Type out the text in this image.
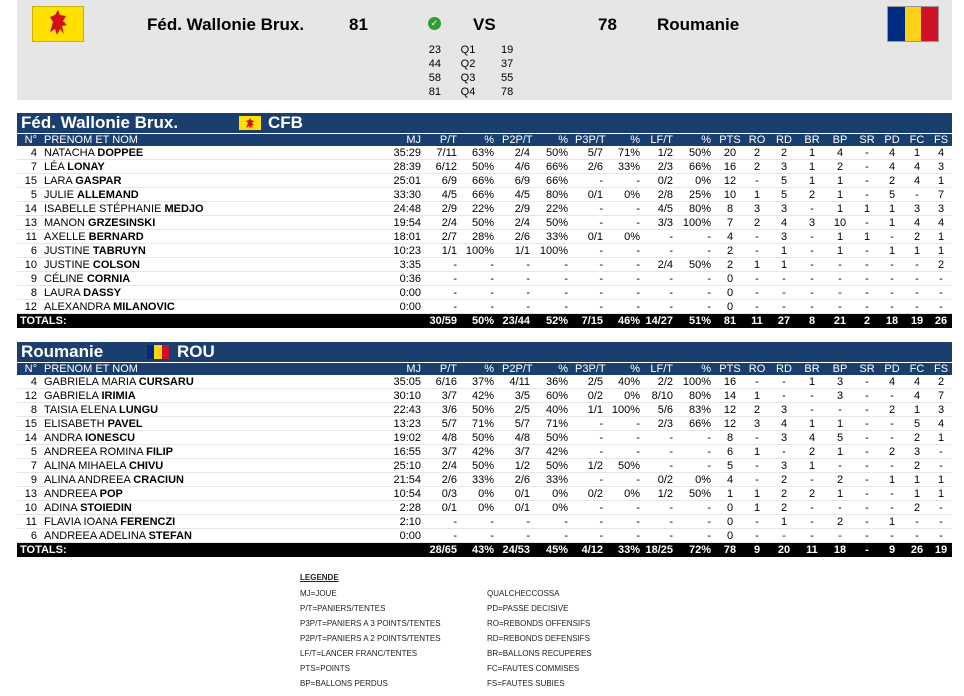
Féd. Wallonie Brux.	81	✓ VS	78 Roumanie
23	Q1	19
44	Q2	37
58	Q3	55
81	Q4	78
Féd. Wallonie Brux.	CFB
N° PRENOM ET NOM	MJ	P/T	% P2P/T	% P3P/T	% LF/T	% PTS RO RD	BR	BP	SR PD FC FS
4 NATACHA DOPPEE	35:29	7/11	63%	2/4	50%	5/7	71%	1/2	50%	20	2	2	1	4	-	4	1	4
7 LÉA LONAY	28:39	6/12	50%	4/6	66%	2/6	33%	2/3	66%	16	2	3	1	2	-	4	4	3
15 LARA GASPAR	25:01	6/9	66%	6/9	66%	-	-	0/2	0%	12	-	5	1	1	-	2	4	1
5 JULIE ALLEMAND	33:30	4/5	66%	4/5	80%	0/1	0%	2/8	25%	10	1	5	2	1	-	5	-	7
14 ISABELLE STÉPHANIE MEDJO	24:48	2/9	22%	2/9	22%	-	-	4/5	80%	8	3	3	-	1	1	1	3	3
13 MANON GRZESINSKI	19:54	2/4	50%	2/4	50%	-	-	3/3 100%	7	2	4	3	10	-	1	4	4
11 AXELLE BERNARD	18:01	2/7	28%	2/6	33%	0/1	0%	-	-	4	-	3	-	1	1	-	2	1
6 JUSTINE TABRUYN	10:23	1/1 100%	1/1 100%	-	-	-	-	2	-	1	-	1	-	1	1	1
10 JUSTINE COLSON	3:35	-	-	-	-	-	-	2/4	50%	2	1	1	-	-	-	-	-	2
9 CÉLINE CORNIA	0:36	-	-	-	-	-	-	-	-	0	-	-	-	-	-	-	-	-
8 LAURA DASSY	0:00	-	-	-	-	-	-	-	-	0	-	-	-	-	-	-	-	-
12 ALEXANDRA MILANOVIC	0:00	-	-	-	-	-	-	-	-	0	-	-	-	-	-	-	-	-
TOTALS:	30/59	50% 23/44	52%	7/15	46% 14/27	51%	81	11	27	8	21	2	18	19	26
Roumanie	ROU
N° PRENOM ET NOM	MJ	P/T	% P2P/T	% P3P/T	% LF/T	% PTS RO RD	BR	BP	SR PD FC FS
4 GABRIELA MARIA CURSARU	35:05	6/16	37%	4/11	36%	2/5	40%	2/2 100%	16	-	-	1	3	-	4	4	2
12 GABRIELA IRIMIA	30:10	3/7	42%	3/5	60%	0/2	0%	8/10	80%	14	1	-	-	3	-	-	4	7
8 TAISIA ELENA LUNGU	22:43	3/6	50%	2/5	40%	1/1 100%	5/6	83%	12	2	3	-	-	-	2	1	3
15 ELISABETH PAVEL	13:23	5/7	71%	5/7	71%	-	-	2/3	66%	12	3	4	1	1	-	-	5	4
14 ANDRA IONESCU	19:02	4/8	50%	4/8	50%	-	-	-	-	8	-	3	4	5	-	-	2	1
5 ANDREEA ROMINA FILIP	16:55	3/7	42%	3/7	42%	-	-	-	-	6	1	-	2	1	-	2	3	-
7 ALINA MIHAELA CHIVU	25:10	2/4	50%	1/2	50%	1/2	50%	-	-	5	-	3	1	-	-	-	2	-
9 ALINA ANDREEA CRACIUN	21:54	2/6	33%	2/6	33%	-	-	0/2	0%	4	-	2	-	2	-	1	1	1
13 ANDREEA POP	10:54	0/3	0%	0/1	0%	0/2	0%	1/2	50%	1	1	2	2	1	-	-	1	1
10 ADINA STOIEDIN	2:28	0/1	0%	0/1	0%	-	-	-	-	0	1	2	-	-	-	-	2	-
11 FLAVIA IOANA FERENCZI	2:10	-	-	-	-	-	-	-	-	0	-	1	-	2	-	1	-	-
6 ANDREEA ADELINA STEFAN	0:00	-	-	-	-	-	-	-	-	0	-	-	-	-	-	-	-	-
TOTALS:	28/65	43% 24/53	45%	4/12	33% 18/25	72%	78	9	20	11	18	-	9	26	19
LEGENDE
MJ=JOUE	QUALCHECCOSSA
P/T=PANIERS/TENTES	PD=PASSE DECISIVE
P3P/T=PANIERS A 3 POINTS/TENTES	RO=REBONDS OFFENSIFS
P2P/T=PANIERS A 2 POINTS/TENTES	RD=REBONDS DEFENSIFS
LF/T=LANCER FRANC/TENTES	BR=BALLONS RECUPERES
PTS=POINTS	FC=FAUTES COMMISES
BP=BALLONS PERDUS	FS=FAUTES SUBIES
